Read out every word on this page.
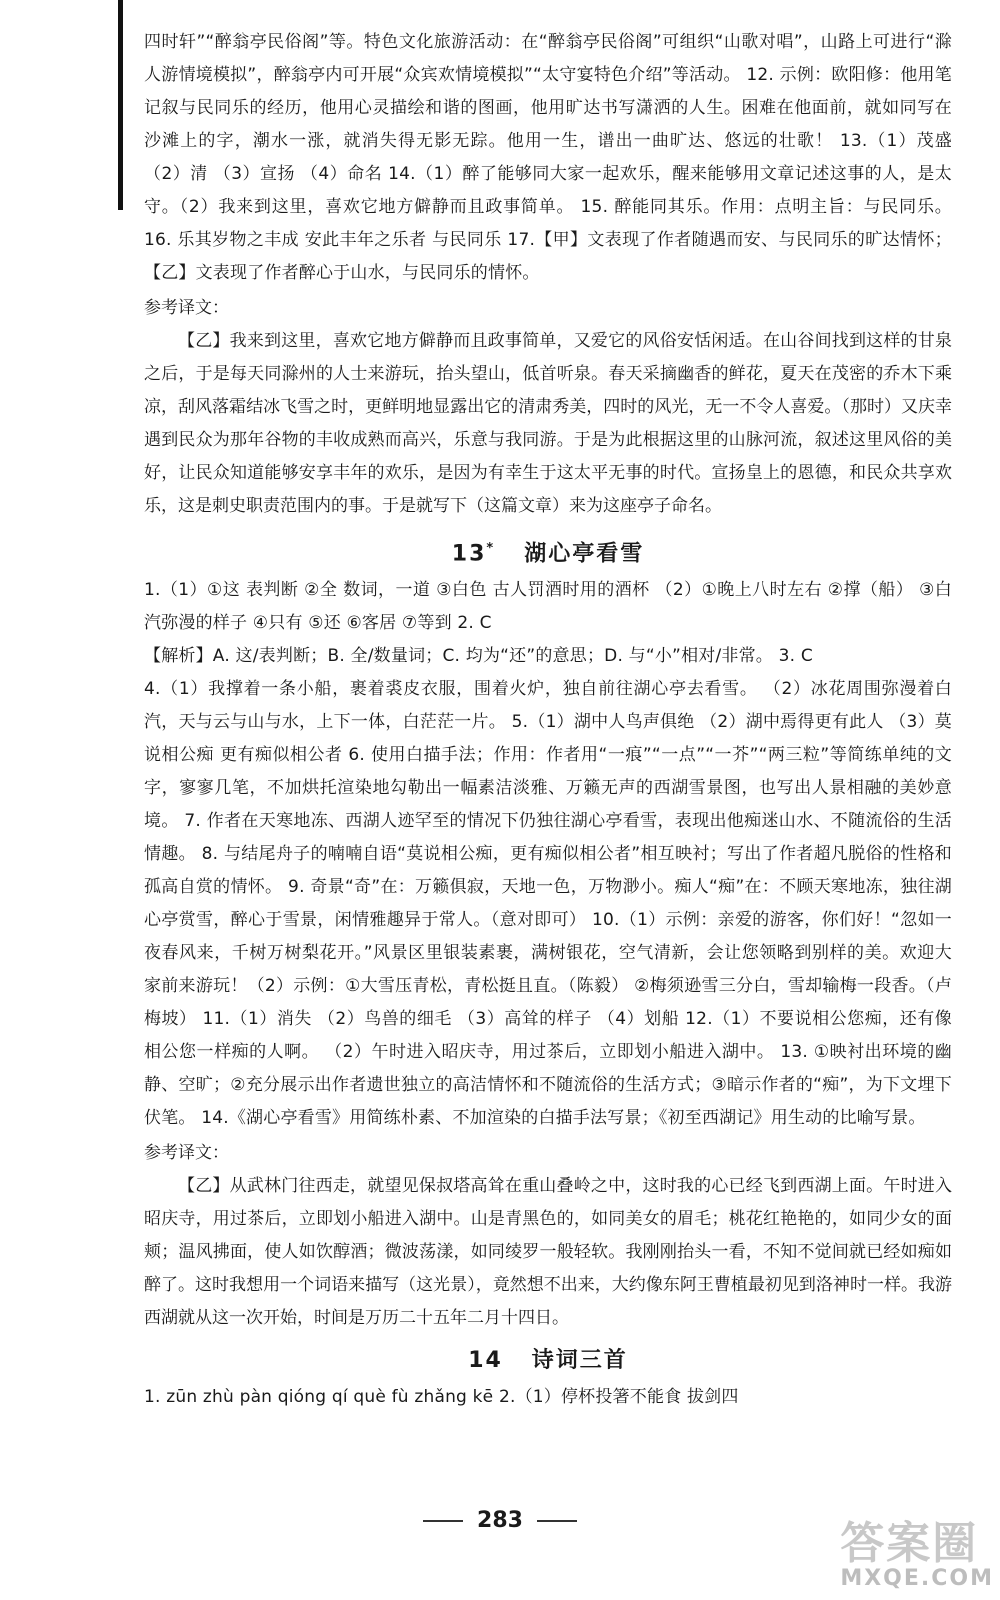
四时轩”“醉翁亭民俗阁”等。特色文化旅游活动：在“醉翁亭民俗阁”可组织“山歌对唱”，山路上可进行“滁人游情境模拟”，醉翁亭内可开展“众宾欢情境模拟”“太守宴特色介绍”等活动。 12. 示例：欧阳修：他用笔记叙与民同乐的经历，他用心灵描绘和谐的图画，他用旷达书写潇洒的人生。困难在他面前，就如同写在沙滩上的字，潮水一涨，就消失得无影无踪。他用一生，谱出一曲旷达、悠远的壮歌！ 13.（1）茂盛 （2）清 （3）宣扬 （4）命名 14.（1）醉了能够同大家一起欢乐，醒来能够用文章记述这事的人，是太守。（2）我来到这里，喜欢它地方僻静而且政事简单。 15. 醉能同其乐。作用：点明主旨：与民同乐。 16. 乐其岁物之丰成 安此丰年之乐者 与民同乐 17.【甲】文表现了作者随遇而安、与民同乐的旷达情怀；【乙】文表现了作者醉心于山水，与民同乐的情怀。

参考译文：

【乙】我来到这里，喜欢它地方僻静而且政事简单，又爱它的风俗安恬闲适。在山谷间找到这样的甘泉之后，于是每天同滁州的人士来游玩，抬头望山，低首听泉。春天采摘幽香的鲜花，夏天在茂密的乔木下乘凉，刮风落霜结冰飞雪之时，更鲜明地显露出它的清肃秀美，四时的风光，无一不令人喜爱。（那时）又庆幸遇到民众为那年谷物的丰收成熟而高兴，乐意与我同游。于是为此根据这里的山脉河流，叙述这里风俗的美好，让民众知道能够安享丰年的欢乐，是因为有幸生于这太平无事的时代。宣扬皇上的恩德，和民众共享欢乐，这是刺史职责范围内的事。于是就写下（这篇文章）来为这座亭子命名。

13* 湖心亭看雪

1.（1）①这 表判断 ②全 数词，一道 ③白色 古人罚酒时用的酒杯 （2）①晚上八时左右 ②撑（船） ③白汽弥漫的样子 ④只有 ⑤还 ⑥客居 ⑦等到 2. C

【解析】A. 这/表判断；B. 全/数量词；C. 均为“还”的意思；D. 与“小”相对/非常。 3. C

4.（1）我撑着一条小船，裹着裘皮衣服，围着火炉，独自前往湖心亭去看雪。 （2）冰花周围弥漫着白汽，天与云与山与水，上下一体，白茫茫一片。 5.（1）湖中人鸟声俱绝 （2）湖中焉得更有此人 （3）莫说相公痴 更有痴似相公者 6. 使用白描手法；作用：作者用“一痕”“一点”“一芥”“两三粒”等简练单纯的文字，寥寥几笔，不加烘托渲染地勾勒出一幅素洁淡雅、万籁无声的西湖雪景图，也写出人景相融的美妙意境。 7. 作者在天寒地冻、西湖人迹罕至的情况下仍独往湖心亭看雪，表现出他痴迷山水、不随流俗的生活情趣。 8. 与结尾舟子的喃喃自语“莫说相公痴，更有痴似相公者”相互映衬；写出了作者超凡脱俗的性格和孤高自赏的情怀。 9. 奇景“奇”在：万籁俱寂，天地一色，万物渺小。痴人“痴”在：不顾天寒地冻，独往湖心亭赏雪，醉心于雪景，闲情雅趣异于常人。（意对即可） 10.（1）示例：亲爱的游客，你们好！“忽如一夜春风来，千树万树梨花开。”风景区里银装素裹，满树银花，空气清新，会让您领略到别样的美。欢迎大家前来游玩！（2）示例：①大雪压青松，青松挺且直。（陈毅） ②梅须逊雪三分白，雪却输梅一段香。（卢梅坡） 11.（1）消失 （2）鸟兽的细毛 （3）高耸的样子 （4）划船 12.（1）不要说相公您痴，还有像相公您一样痴的人啊。 （2）午时进入昭庆寺，用过茶后，立即划小船进入湖中。 13. ①映衬出环境的幽静、空旷；②充分展示出作者遗世独立的高洁情怀和不随流俗的生活方式；③暗示作者的“痴”，为下文埋下伏笔。 14.《湖心亭看雪》用简练朴素、不加渲染的白描手法写景；《初至西湖记》用生动的比喻写景。

参考译文：

【乙】从武林门往西走，就望见保叔塔高耸在重山叠岭之中，这时我的心已经飞到西湖上面。午时进入昭庆寺，用过茶后，立即划小船进入湖中。山是青黑色的，如同美女的眉毛；桃花红艳艳的，如同少女的面颊；温风拂面，使人如饮醇酒；微波荡漾，如同绫罗一般轻软。我刚刚抬头一看，不知不觉间就已经如痴如醉了。这时我想用一个词语来描写（这光景），竟然想不出来，大约像东阿王曹植最初见到洛神时一样。我游西湖就从这一次开始，时间是万历二十五年二月十四日。

14 诗词三首

1. zūn zhù pàn qióng qí què fù zhǎng kē 2.（1）停杯投箸不能食 拔剑四

283	答案圈
MXQE.COM
